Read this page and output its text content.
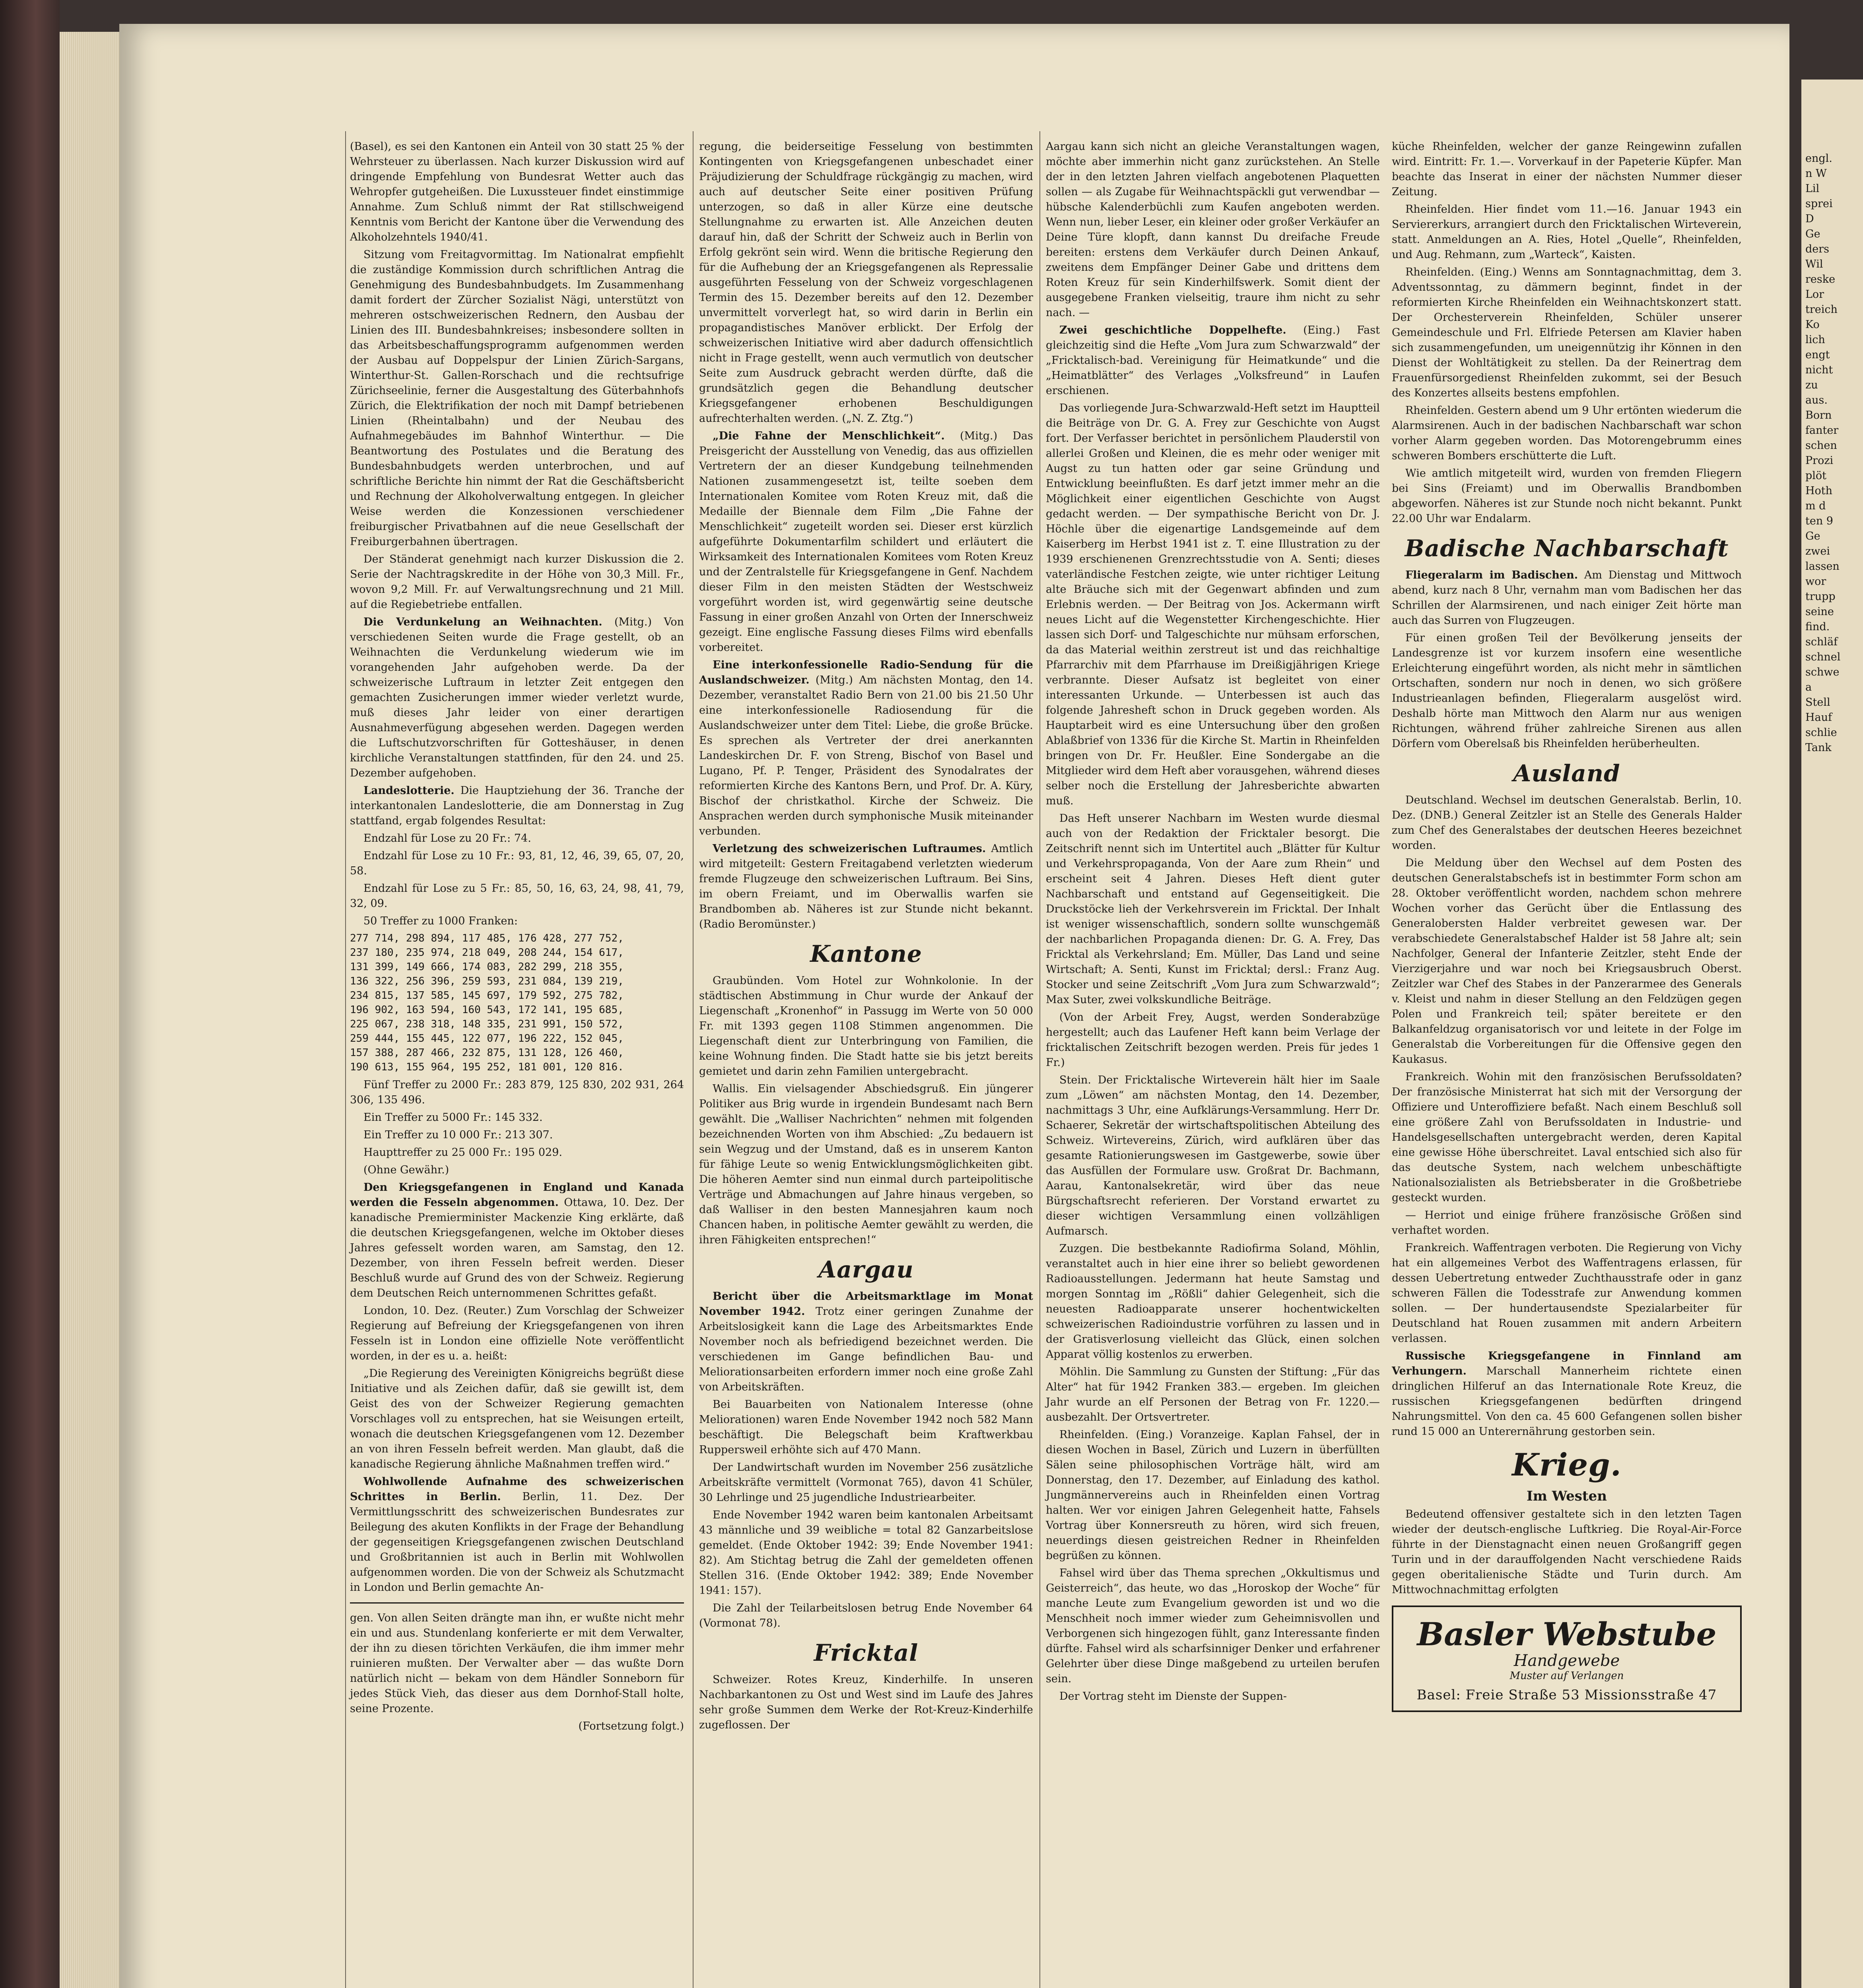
(Basel), es sei den Kantonen ein Anteil von 30 statt 25 % der Wehrsteuer zu überlassen. Nach kurzer Diskussion wird auf dringende Empfehlung von Bundesrat Wetter auch das Wehropfer gutgeheißen. Die Luxussteuer findet einstimmige Annahme. Zum Schluß nimmt der Rat stillschweigend Kenntnis vom Bericht der Kantone über die Verwendung des Alkoholzehntels 1940/41.

Sitzung vom Freitagvormittag. Im Nationalrat empfiehlt die zuständige Kommission durch schriftlichen Antrag die Genehmigung des Bundesbahnbudgets. Im Zusammenhang damit fordert der Zürcher Sozialist Nägi, unterstützt von mehreren ostschweizerischen Rednern, den Ausbau der Linien des III. Bundesbahnkreises; insbesondere sollten in das Arbeitsbeschaffungsprogramm aufgenommen werden der Ausbau auf Doppelspur der Linien Zürich-Sargans, Winterthur-St. Gallen-Rorschach und die rechtsufrige Zürichseelinie, ferner die Ausgestaltung des Güterbahnhofs Zürich, die Elektrifikation der noch mit Dampf betriebenen Linien (Rheintalbahn) und der Neubau des Aufnahmegebäudes im Bahnhof Winterthur. — Die Beantwortung des Postulates und die Beratung des Bundesbahnbudgets werden unterbrochen, und auf schriftliche Berichte hin nimmt der Rat die Geschäftsbericht und Rechnung der Alkoholverwaltung entgegen. In gleicher Weise werden die Konzessionen verschiedener freiburgischer Privatbahnen auf die neue Gesellschaft der Freiburgerbahnen übertragen.

Der Ständerat genehmigt nach kurzer Diskussion die 2. Serie der Nachtragskredite in der Höhe von 30,3 Mill. Fr., wovon 9,2 Mill. Fr. auf Verwaltungsrechnung und 21 Mill. auf die Regiebetriebe entfallen.

Die Verdunkelung an Weihnachten. (Mitg.) Von verschiedenen Seiten wurde die Frage gestellt, ob an Weihnachten die Verdunkelung wiederum wie im vorangehenden Jahr aufgehoben werde. Da der schweizerische Luftraum in letzter Zeit entgegen den gemachten Zusicherungen immer wieder verletzt wurde, muß dieses Jahr leider von einer derartigen Ausnahmeverfügung abgesehen werden. Dagegen werden die Luftschutzvorschriften für Gotteshäuser, in denen kirchliche Veranstaltungen stattfinden, für den 24. und 25. Dezember aufgehoben.

Landeslotterie. Die Hauptziehung der 36. Tranche der interkantonalen Landeslotterie, die am Donnerstag in Zug stattfand, ergab folgendes Resultat:

Endzahl für Lose zu 20 Fr.: 74.

Endzahl für Lose zu 10 Fr.: 93, 81, 12, 46, 39, 65, 07, 20, 58.

Endzahl für Lose zu 5 Fr.: 85, 50, 16, 63, 24, 98, 41, 79, 32, 09.

50 Treffer zu 1000 Franken:

277 714, 298 894, 117 485, 176 428, 277 752,
237 180, 235 974, 218 049, 208 244, 154 617,
131 399, 149 666, 174 083, 282 299, 218 355,
136 322, 256 396, 259 593, 231 084, 139 219,
234 815, 137 585, 145 697, 179 592, 275 782,
196 902, 163 594, 160 543, 172 141, 195 685,
225 067, 238 318, 148 335, 231 991, 150 572,
259 444, 155 445, 122 077, 196 222, 152 045,
157 388, 287 466, 232 875, 131 128, 126 460,
190 613, 155 964, 195 252, 181 001, 120 816.

Fünf Treffer zu 2000 Fr.: 283 879, 125 830, 202 931, 264 306, 135 496.

Ein Treffer zu 5000 Fr.: 145 332.

Ein Treffer zu 10 000 Fr.: 213 307.

Haupttreffer zu 25 000 Fr.: 195 029.

(Ohne Gewähr.)

Den Kriegsgefangenen in England und Kanada werden die Fesseln abgenommen. Ottawa, 10. Dez. Der kanadische Premierminister Mackenzie King erklärte, daß die deutschen Kriegsgefangenen, welche im Oktober dieses Jahres gefesselt worden waren, am Samstag, den 12. Dezember, von ihren Fesseln befreit werden. Dieser Beschluß wurde auf Grund des von der Schweiz. Regierung dem Deutschen Reich unternommenen Schrittes gefaßt.

London, 10. Dez. (Reuter.) Zum Vorschlag der Schweizer Regierung auf Befreiung der Kriegsgefangenen von ihren Fesseln ist in London eine offizielle Note veröffentlicht worden, in der es u. a. heißt:

„Die Regierung des Vereinigten Königreichs begrüßt diese Initiative und als Zeichen dafür, daß sie gewillt ist, dem Geist des von der Schweizer Regierung gemachten Vorschlages voll zu entsprechen, hat sie Weisungen erteilt, wonach die deutschen Kriegsgefangenen vom 12. Dezember an von ihren Fesseln befreit werden. Man glaubt, daß die kanadische Regierung ähnliche Maßnahmen treffen wird.“

Wohlwollende Aufnahme des schweizerischen Schrittes in Berlin. Berlin, 11. Dez. Der Vermittlungsschritt des schweizerischen Bundesrates zur Beilegung des akuten Konflikts in der Frage der Behandlung der gegenseitigen Kriegsgefangenen zwischen Deutschland und Großbritannien ist auch in Berlin mit Wohlwollen aufgenommen worden. Die von der Schweiz als Schutzmacht in London und Berlin gemachte An-

gen. Von allen Seiten drängte man ihn, er wußte nicht mehr ein und aus. Stundenlang konferierte er mit dem Verwalter, der ihn zu diesen törichten Verkäufen, die ihm immer mehr ruinieren mußten. Der Verwalter aber — das wußte Dorn natürlich nicht — bekam von dem Händler Sonneborn für jedes Stück Vieh, das dieser aus dem Dornhof-Stall holte, seine Prozente.

(Fortsetzung folgt.)

regung, die beiderseitige Fesselung von bestimmten Kontingenten von Kriegsgefangenen unbeschadet einer Präjudizierung der Schuldfrage rückgängig zu machen, wird auch auf deutscher Seite einer positiven Prüfung unterzogen, so daß in aller Kürze eine deutsche Stellungnahme zu erwarten ist. Alle Anzeichen deuten darauf hin, daß der Schritt der Schweiz auch in Berlin von Erfolg gekrönt sein wird. Wenn die britische Regierung den für die Aufhebung der an Kriegsgefangenen als Repressalie ausgeführten Fesselung von der Schweiz vorgeschlagenen Termin des 15. Dezember bereits auf den 12. Dezember unvermittelt vorverlegt hat, so wird darin in Berlin ein propagandistisches Manöver erblickt. Der Erfolg der schweizerischen Initiative wird aber dadurch offensichtlich nicht in Frage gestellt, wenn auch vermutlich von deutscher Seite zum Ausdruck gebracht werden dürfte, daß die grundsätzlich gegen die Behandlung deutscher Kriegsgefangener erhobenen Beschuldigungen aufrechterhalten werden. („N. Z. Ztg.“)

„Die Fahne der Menschlichkeit“. (Mitg.) Das Preisgericht der Ausstellung von Venedig, das aus offiziellen Vertretern der an dieser Kundgebung teilnehmenden Nationen zusammengesetzt ist, teilte soeben dem Internationalen Komitee vom Roten Kreuz mit, daß die Medaille der Biennale dem Film „Die Fahne der Menschlichkeit“ zugeteilt worden sei. Dieser erst kürzlich aufgeführte Dokumentarfilm schildert und erläutert die Wirksamkeit des Internationalen Komitees vom Roten Kreuz und der Zentralstelle für Kriegsgefangene in Genf. Nachdem dieser Film in den meisten Städten der Westschweiz vorgeführt worden ist, wird gegenwärtig seine deutsche Fassung in einer großen Anzahl von Orten der Innerschweiz gezeigt. Eine englische Fassung dieses Films wird ebenfalls vorbereitet.

Eine interkonfessionelle Radio-Sendung für die Auslandschweizer. (Mitg.) Am nächsten Montag, den 14. Dezember, veranstaltet Radio Bern von 21.00 bis 21.50 Uhr eine interkonfessionelle Radiosendung für die Auslandschweizer unter dem Titel: Liebe, die große Brücke. Es sprechen als Vertreter der drei anerkannten Landeskirchen Dr. F. von Streng, Bischof von Basel und Lugano, Pf. P. Tenger, Präsident des Synodalrates der reformierten Kirche des Kantons Bern, und Prof. Dr. A. Küry, Bischof der christkathol. Kirche der Schweiz. Die Ansprachen werden durch symphonische Musik miteinander verbunden.

Verletzung des schweizerischen Luftraumes. Amtlich wird mitgeteilt: Gestern Freitagabend verletzten wiederum fremde Flugzeuge den schweizerischen Luftraum. Bei Sins, im obern Freiamt, und im Oberwallis warfen sie Brandbomben ab. Näheres ist zur Stunde nicht bekannt. (Radio Beromünster.)

Kantone

Graubünden. Vom Hotel zur Wohnkolonie. In der städtischen Abstimmung in Chur wurde der Ankauf der Liegenschaft „Kronenhof“ in Passugg im Werte von 50 000 Fr. mit 1393 gegen 1108 Stimmen angenommen. Die Liegenschaft dient zur Unterbringung von Familien, die keine Wohnung finden. Die Stadt hatte sie bis jetzt bereits gemietet und darin zehn Familien untergebracht.

Wallis. Ein vielsagender Abschiedsgruß. Ein jüngerer Politiker aus Brig wurde in irgendein Bundesamt nach Bern gewählt. Die „Walliser Nachrichten“ nehmen mit folgenden bezeichnenden Worten von ihm Abschied: „Zu bedauern ist sein Wegzug und der Umstand, daß es in unserem Kanton für fähige Leute so wenig Entwicklungsmöglichkeiten gibt. Die höheren Aemter sind nun einmal durch parteipolitische Verträge und Abmachungen auf Jahre hinaus vergeben, so daß Walliser in den besten Mannesjahren kaum noch Chancen haben, in politische Aemter gewählt zu werden, die ihren Fähigkeiten entsprechen!“

Aargau

Bericht über die Arbeitsmarktlage im Monat November 1942. Trotz einer geringen Zunahme der Arbeitslosigkeit kann die Lage des Arbeitsmarktes Ende November noch als befriedigend bezeichnet werden. Die verschiedenen im Gange befindlichen Bau- und Meliorationsarbeiten erfordern immer noch eine große Zahl von Arbeitskräften.

Bei Bauarbeiten von Nationalem Interesse (ohne Meliorationen) waren Ende November 1942 noch 582 Mann beschäftigt. Die Belegschaft beim Kraftwerkbau Ruppersweil erhöhte sich auf 470 Mann.

Der Landwirtschaft wurden im November 256 zusätzliche Arbeitskräfte vermittelt (Vormonat 765), davon 41 Schüler, 30 Lehrlinge und 25 jugendliche Industriearbeiter.

Ende November 1942 waren beim kantonalen Arbeitsamt 43 männliche und 39 weibliche = total 82 Ganzarbeitslose gemeldet. (Ende Oktober 1942: 39; Ende November 1941: 82). Am Stichtag betrug die Zahl der gemeldeten offenen Stellen 316. (Ende Oktober 1942: 389; Ende November 1941: 157).

Die Zahl der Teilarbeitslosen betrug Ende November 64 (Vormonat 78).

Fricktal

Schweizer. Rotes Kreuz, Kinderhilfe. In unseren Nachbarkantonen zu Ost und West sind im Laufe des Jahres sehr große Summen dem Werke der Rot-Kreuz-Kinderhilfe zugeflossen. Der

Aargau kann sich nicht an gleiche Veranstaltungen wagen, möchte aber immerhin nicht ganz zurückstehen. An Stelle der in den letzten Jahren vielfach angebotenen Plaquetten sollen — als Zugabe für Weihnachtspäckli gut verwendbar — hübsche Kalenderbüchli zum Kaufen angeboten werden. Wenn nun, lieber Leser, ein kleiner oder großer Verkäufer an Deine Türe klopft, dann kannst Du dreifache Freude bereiten: erstens dem Verkäufer durch Deinen Ankauf, zweitens dem Empfänger Deiner Gabe und drittens dem Roten Kreuz für sein Kinderhilfswerk. Somit dient der ausgegebene Franken vielseitig, traure ihm nicht zu sehr nach. —

Zwei geschichtliche Doppelhefte. (Eing.) Fast gleichzeitig sind die Hefte „Vom Jura zum Schwarzwald“ der „Fricktalisch-bad. Vereinigung für Heimatkunde“ und die „Heimatblätter“ des Verlages „Volksfreund“ in Laufen erschienen.

Das vorliegende Jura-Schwarzwald-Heft setzt im Hauptteil die Beiträge von Dr. G. A. Frey zur Geschichte von Augst fort. Der Verfasser berichtet in persönlichem Plauderstil von allerlei Großen und Kleinen, die es mehr oder weniger mit Augst zu tun hatten oder gar seine Gründung und Entwicklung beeinflußten. Es darf jetzt immer mehr an die Möglichkeit einer eigentlichen Geschichte von Augst gedacht werden. — Der sympathische Bericht von Dr. J. Höchle über die eigenartige Landsgemeinde auf dem Kaiserberg im Herbst 1941 ist z. T. eine Illustration zu der 1939 erschienenen Grenzrechtsstudie von A. Senti; dieses vaterländische Festchen zeigte, wie unter richtiger Leitung alte Bräuche sich mit der Gegenwart abfinden und zum Erlebnis werden. — Der Beitrag von Jos. Ackermann wirft neues Licht auf die Wegenstetter Kirchengeschichte. Hier lassen sich Dorf- und Talgeschichte nur mühsam erforschen, da das Material weithin zerstreut ist und das reichhaltige Pfarrarchiv mit dem Pfarrhause im Dreißigjährigen Kriege verbrannte. Dieser Aufsatz ist begleitet von einer interessanten Urkunde. — Unterbessen ist auch das folgende Jahresheft schon in Druck gegeben worden. Als Hauptarbeit wird es eine Untersuchung über den großen Ablaßbrief von 1336 für die Kirche St. Martin in Rheinfelden bringen von Dr. Fr. Heußler. Eine Sondergabe an die Mitglieder wird dem Heft aber vorausgehen, während dieses selber noch die Erstellung der Jahresberichte abwarten muß.

Das Heft unserer Nachbarn im Westen wurde diesmal auch von der Redaktion der Fricktaler besorgt. Die Zeitschrift nennt sich im Untertitel auch „Blätter für Kultur und Verkehrspropaganda, Von der Aare zum Rhein“ und erscheint seit 4 Jahren. Dieses Heft dient guter Nachbarschaft und entstand auf Gegenseitigkeit. Die Druckstöcke lieh der Verkehrsverein im Fricktal. Der Inhalt ist weniger wissenschaftlich, sondern sollte wunschgemäß der nachbarlichen Propaganda dienen: Dr. G. A. Frey, Das Fricktal als Verkehrsland; Em. Müller, Das Land und seine Wirtschaft; A. Senti, Kunst im Fricktal; dersl.: Franz Aug. Stocker und seine Zeitschrift „Vom Jura zum Schwarzwald“; Max Suter, zwei volkskundliche Beiträge.

(Von der Arbeit Frey, Augst, werden Sonderabzüge hergestellt; auch das Laufener Heft kann beim Verlage der fricktalischen Zeitschrift bezogen werden. Preis für jedes 1 Fr.)

Stein. Der Fricktalische Wirteverein hält hier im Saale zum „Löwen“ am nächsten Montag, den 14. Dezember, nachmittags 3 Uhr, eine Aufklärungs-Versammlung. Herr Dr. Schaerer, Sekretär der wirtschaftspolitischen Abteilung des Schweiz. Wirtevereins, Zürich, wird aufklären über das gesamte Rationierungswesen im Gastgewerbe, sowie über das Ausfüllen der Formulare usw. Großrat Dr. Bachmann, Aarau, Kantonalsekretär, wird über das neue Bürgschaftsrecht referieren. Der Vorstand erwartet zu dieser wichtigen Versammlung einen vollzähligen Aufmarsch.

Zuzgen. Die bestbekannte Radiofirma Soland, Möhlin, veranstaltet auch in hier eine ihrer so beliebt gewordenen Radioausstellungen. Jedermann hat heute Samstag und morgen Sonntag im „Rößli“ dahier Gelegenheit, sich die neuesten Radioapparate unserer hochentwickelten schweizerischen Radioindustrie vorführen zu lassen und in der Gratisverlosung vielleicht das Glück, einen solchen Apparat völlig kostenlos zu erwerben.

Möhlin. Die Sammlung zu Gunsten der Stiftung: „Für das Alter“ hat für 1942 Franken 383.— ergeben. Im gleichen Jahr wurde an elf Personen der Betrag von Fr. 1220.— ausbezahlt. Der Ortsvertreter.

Rheinfelden. (Eing.) Voranzeige. Kaplan Fahsel, der in diesen Wochen in Basel, Zürich und Luzern in überfüllten Sälen seine philosophischen Vorträge hält, wird am Donnerstag, den 17. Dezember, auf Einladung des kathol. Jungmännervereins auch in Rheinfelden einen Vortrag halten. Wer vor einigen Jahren Gelegenheit hatte, Fahsels Vortrag über Konnersreuth zu hören, wird sich freuen, neuerdings diesen geistreichen Redner in Rheinfelden begrüßen zu können.

Fahsel wird über das Thema sprechen „Okkultismus und Geisterreich“, das heute, wo das „Horoskop der Woche“ für manche Leute zum Evangelium geworden ist und wo die Menschheit noch immer wieder zum Geheimnisvollen und Verborgenen sich hingezogen fühlt, ganz Interessante finden dürfte. Fahsel wird als scharfsinniger Denker und erfahrener Gelehrter über diese Dinge maßgebend zu urteilen berufen sein.

Der Vortrag steht im Dienste der Suppen-

küche Rheinfelden, welcher der ganze Reingewinn zufallen wird. Eintritt: Fr. 1.—. Vorverkauf in der Papeterie Küpfer. Man beachte das Inserat in einer der nächsten Nummer dieser Zeitung.

Rheinfelden. Hier findet vom 11.—16. Januar 1943 ein Serviererkurs, arrangiert durch den Fricktalischen Wirteverein, statt. Anmeldungen an A. Ries, Hotel „Quelle“, Rheinfelden, und Aug. Rehmann, zum „Warteck“, Kaisten.

Rheinfelden. (Eing.) Wenns am Sonntagnachmittag, dem 3. Adventssonntag, zu dämmern beginnt, findet in der reformierten Kirche Rheinfelden ein Weihnachtskonzert statt. Der Orchesterverein Rheinfelden, Schüler unserer Gemeindeschule und Frl. Elfriede Petersen am Klavier haben sich zusammengefunden, um uneigennützig ihr Können in den Dienst der Wohltätigkeit zu stellen. Da der Reinertrag dem Frauenfürsorgedienst Rheinfelden zukommt, sei der Besuch des Konzertes allseits bestens empfohlen.

Rheinfelden. Gestern abend um 9 Uhr ertönten wiederum die Alarmsirenen. Auch in der badischen Nachbarschaft war schon vorher Alarm gegeben worden. Das Motorengebrumm eines schweren Bombers erschütterte die Luft.

Wie amtlich mitgeteilt wird, wurden von fremden Fliegern bei Sins (Freiamt) und im Oberwallis Brandbomben abgeworfen. Näheres ist zur Stunde noch nicht bekannt. Punkt 22.00 Uhr war Endalarm.

Badische Nachbarschaft

Fliegeralarm im Badischen. Am Dienstag und Mittwoch abend, kurz nach 8 Uhr, vernahm man vom Badischen her das Schrillen der Alarmsirenen, und nach einiger Zeit hörte man auch das Surren von Flugzeugen.

Für einen großen Teil der Bevölkerung jenseits der Landesgrenze ist vor kurzem insofern eine wesentliche Erleichterung eingeführt worden, als nicht mehr in sämtlichen Ortschaften, sondern nur noch in denen, wo sich größere Industrieanlagen befinden, Fliegeralarm ausgelöst wird. Deshalb hörte man Mittwoch den Alarm nur aus wenigen Richtungen, während früher zahlreiche Sirenen aus allen Dörfern vom Oberelsaß bis Rheinfelden herüberheulten.

Ausland

Deutschland. Wechsel im deutschen Generalstab. Berlin, 10. Dez. (DNB.) General Zeitzler ist an Stelle des Generals Halder zum Chef des Generalstabes der deutschen Heeres bezeichnet worden.

Die Meldung über den Wechsel auf dem Posten des deutschen Generalstabschefs ist in bestimmter Form schon am 28. Oktober veröffentlicht worden, nachdem schon mehrere Wochen vorher das Gerücht über die Entlassung des Generalobersten Halder verbreitet gewesen war. Der verabschiedete Generalstabschef Halder ist 58 Jahre alt; sein Nachfolger, General der Infanterie Zeitzler, steht Ende der Vierzigerjahre und war noch bei Kriegsausbruch Oberst. Zeitzler war Chef des Stabes in der Panzerarmee des Generals v. Kleist und nahm in dieser Stellung an den Feldzügen gegen Polen und Frankreich teil; später bereitete er den Balkanfeldzug organisatorisch vor und leitete in der Folge im Generalstab die Vorbereitungen für die Offensive gegen den Kaukasus.

Frankreich. Wohin mit den französischen Berufssoldaten? Der französische Ministerrat hat sich mit der Versorgung der Offiziere und Unteroffiziere befaßt. Nach einem Beschluß soll eine größere Zahl von Berufssoldaten in Industrie- und Handelsgesellschaften untergebracht werden, deren Kapital eine gewisse Höhe überschreitet. Laval entschied sich also für das deutsche System, nach welchem unbeschäftigte Nationalsozialisten als Betriebsberater in die Großbetriebe gesteckt wurden.

— Herriot und einige frühere französische Größen sind verhaftet worden.

Frankreich. Waffentragen verboten. Die Regierung von Vichy hat ein allgemeines Verbot des Waffentragens erlassen, für dessen Uebertretung entweder Zuchthausstrafe oder in ganz schweren Fällen die Todesstrafe zur Anwendung kommen sollen. — Der hundertausendste Spezialarbeiter für Deutschland hat Rouen zusammen mit andern Arbeitern verlassen.

Russische Kriegsgefangene in Finnland am Verhungern. Marschall Mannerheim richtete einen dringlichen Hilferuf an das Internationale Rote Kreuz, die russischen Kriegsgefangenen bedürften dringend Nahrungsmittel. Von den ca. 45 600 Gefangenen sollen bisher rund 15 000 an Unterernährung gestorben sein.

Krieg.
Im Westen

Bedeutend offensiver gestaltete sich in den letzten Tagen wieder der deutsch-englische Luftkrieg. Die Royal-Air-Force führte in der Dienstagnacht einen neuen Großangriff gegen Turin und in der darauffolgenden Nacht verschiedene Raids gegen oberitalienische Städte und Turin durch. Am Mittwochnachmittag erfolgten

Basler Webstube
Handgewebe
Muster auf Verlangen
Basel: Freie Straße 53 Missionsstraße 47
engl.
n W
Lil
sprei
D
Ge
ders
Wil
reske
Lor
treich
Ko
lich
engt
nicht
zu
aus.
Born
fanter
schen
Prozi
plöt
Hoth
m d
ten 9
Ge
zwei
lassen
wor
trupp
seine
find.
schläf
schnel
schwe
a
Stell
Hauf
schlie
Tank
